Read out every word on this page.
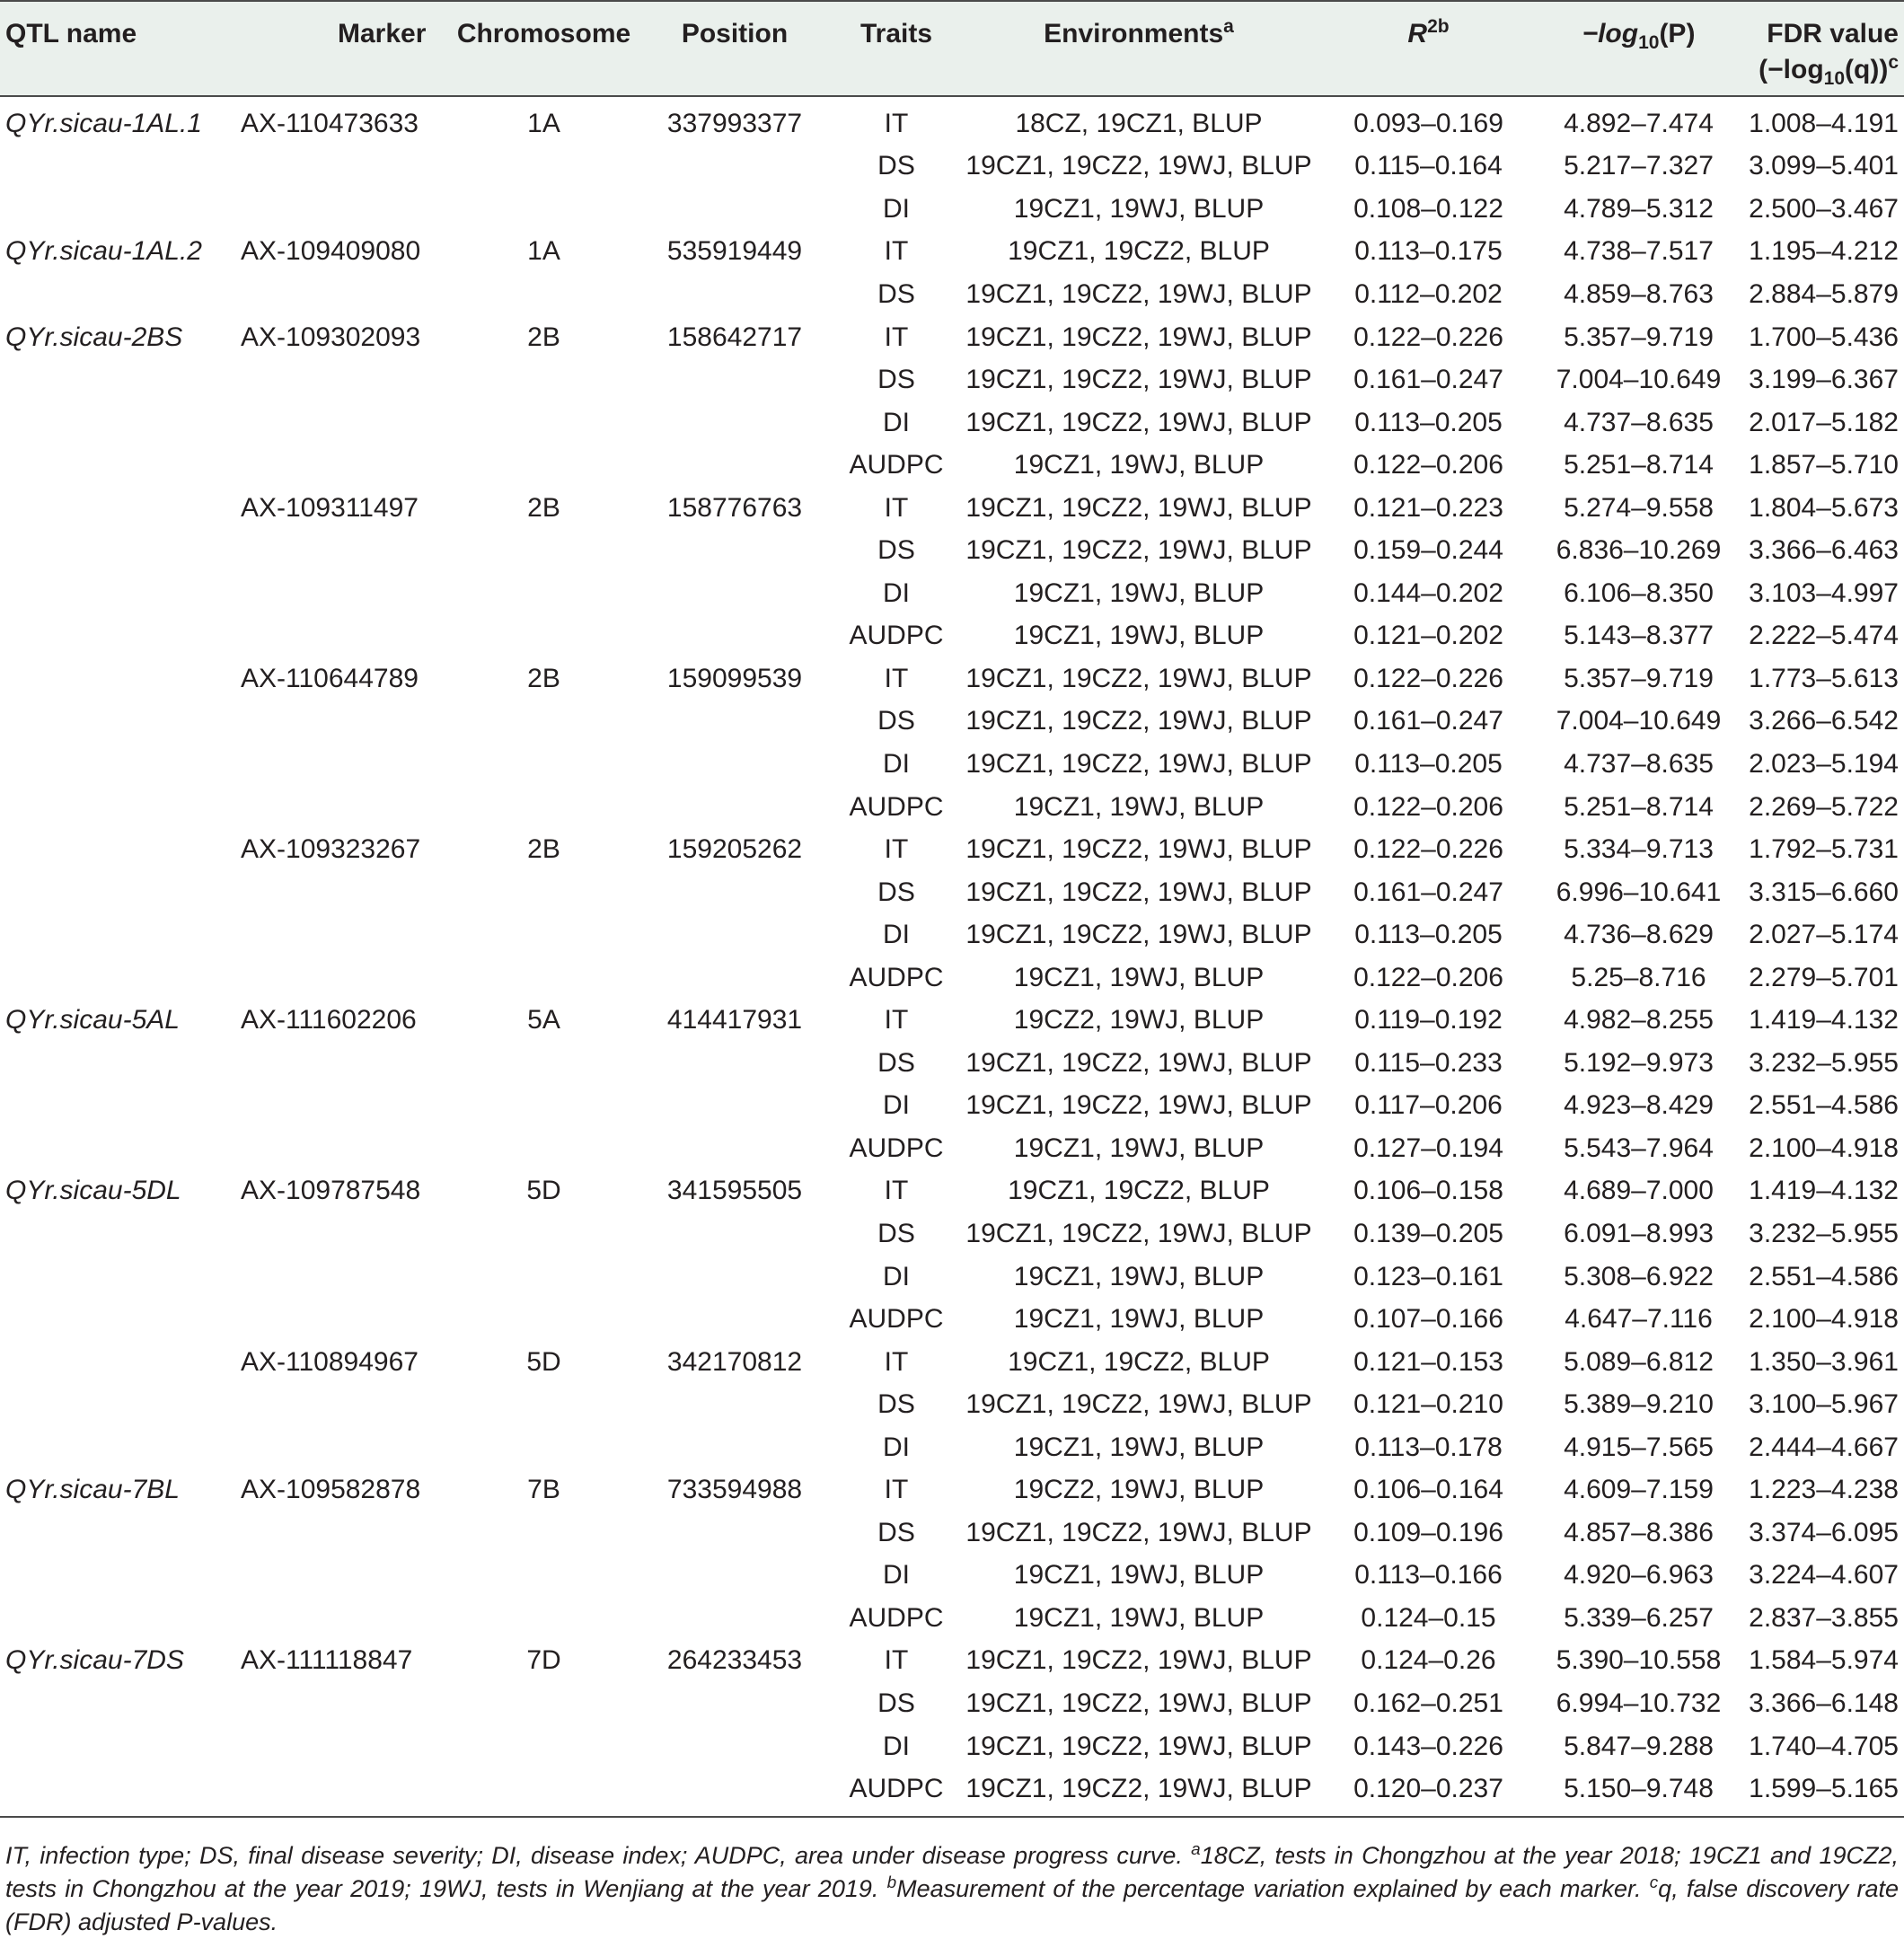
QTL name	Marker	Chromosome	Position	Traits	Environments$^a$	$R^{2b}$	$-\log_{10}(P)$	FDR value
$(-\log_{10}(q))^c$
QYr.sicau-1AL.1	AX-110473633	1A	337993377	IT	18CZ, 19CZ1, BLUP	0.093–0.169	4.892–7.474	1.008–4.191
				DS	19CZ1, 19CZ2, 19WJ, BLUP	0.115–0.164	5.217–7.327	3.099–5.401
				DI	19CZ1, 19WJ, BLUP	0.108–0.122	4.789–5.312	2.500–3.467
QYr.sicau-1AL.2	AX-109409080	1A	535919449	IT	19CZ1, 19CZ2, BLUP	0.113–0.175	4.738–7.517	1.195–4.212
				DS	19CZ1, 19CZ2, 19WJ, BLUP	0.112–0.202	4.859–8.763	2.884–5.879
QYr.sicau-2BS	AX-109302093	2B	158642717	IT	19CZ1, 19CZ2, 19WJ, BLUP	0.122–0.226	5.357–9.719	1.700–5.436
				DS	19CZ1, 19CZ2, 19WJ, BLUP	0.161–0.247	7.004–10.649	3.199–6.367
				DI	19CZ1, 19CZ2, 19WJ, BLUP	0.113–0.205	4.737–8.635	2.017–5.182
				AUDPC	19CZ1, 19WJ, BLUP	0.122–0.206	5.251–8.714	1.857–5.710
	AX-109311497	2B	158776763	IT	19CZ1, 19CZ2, 19WJ, BLUP	0.121–0.223	5.274–9.558	1.804–5.673
				DS	19CZ1, 19CZ2, 19WJ, BLUP	0.159–0.244	6.836–10.269	3.366–6.463
				DI	19CZ1, 19WJ, BLUP	0.144–0.202	6.106–8.350	3.103–4.997
				AUDPC	19CZ1, 19WJ, BLUP	0.121–0.202	5.143–8.377	2.222–5.474
	AX-110644789	2B	159099539	IT	19CZ1, 19CZ2, 19WJ, BLUP	0.122–0.226	5.357–9.719	1.773–5.613
				DS	19CZ1, 19CZ2, 19WJ, BLUP	0.161–0.247	7.004–10.649	3.266–6.542
				DI	19CZ1, 19CZ2, 19WJ, BLUP	0.113–0.205	4.737–8.635	2.023–5.194
				AUDPC	19CZ1, 19WJ, BLUP	0.122–0.206	5.251–8.714	2.269–5.722
	AX-109323267	2B	159205262	IT	19CZ1, 19CZ2, 19WJ, BLUP	0.122–0.226	5.334–9.713	1.792–5.731
				DS	19CZ1, 19CZ2, 19WJ, BLUP	0.161–0.247	6.996–10.641	3.315–6.660
				DI	19CZ1, 19CZ2, 19WJ, BLUP	0.113–0.205	4.736–8.629	2.027–5.174
				AUDPC	19CZ1, 19WJ, BLUP	0.122–0.206	5.25–8.716	2.279–5.701
QYr.sicau-5AL	AX-111602206	5A	414417931	IT	19CZ2, 19WJ, BLUP	0.119–0.192	4.982–8.255	1.419–4.132
				DS	19CZ1, 19CZ2, 19WJ, BLUP	0.115–0.233	5.192–9.973	3.232–5.955
				DI	19CZ1, 19CZ2, 19WJ, BLUP	0.117–0.206	4.923–8.429	2.551–4.586
				AUDPC	19CZ1, 19WJ, BLUP	0.127–0.194	5.543–7.964	2.100–4.918
QYr.sicau-5DL	AX-109787548	5D	341595505	IT	19CZ1, 19CZ2, BLUP	0.106–0.158	4.689–7.000	1.419–4.132
				DS	19CZ1, 19CZ2, 19WJ, BLUP	0.139–0.205	6.091–8.993	3.232–5.955
				DI	19CZ1, 19WJ, BLUP	0.123–0.161	5.308–6.922	2.551–4.586
				AUDPC	19CZ1, 19WJ, BLUP	0.107–0.166	4.647–7.116	2.100–4.918
	AX-110894967	5D	342170812	IT	19CZ1, 19CZ2, BLUP	0.121–0.153	5.089–6.812	1.350–3.961
				DS	19CZ1, 19CZ2, 19WJ, BLUP	0.121–0.210	5.389–9.210	3.100–5.967
				DI	19CZ1, 19WJ, BLUP	0.113–0.178	4.915–7.565	2.444–4.667
QYr.sicau-7BL	AX-109582878	7B	733594988	IT	19CZ2, 19WJ, BLUP	0.106–0.164	4.609–7.159	1.223–4.238
				DS	19CZ1, 19CZ2, 19WJ, BLUP	0.109–0.196	4.857–8.386	3.374–6.095
				DI	19CZ1, 19WJ, BLUP	0.113–0.166	4.920–6.963	3.224–4.607
				AUDPC	19CZ1, 19WJ, BLUP	0.124–0.15	5.339–6.257	2.837–3.855
QYr.sicau-7DS	AX-111118847	7D	264233453	IT	19CZ1, 19CZ2, 19WJ, BLUP	0.124–0.26	5.390–10.558	1.584–5.974
				DS	19CZ1, 19CZ2, 19WJ, BLUP	0.162–0.251	6.994–10.732	3.366–6.148
				DI	19CZ1, 19CZ2, 19WJ, BLUP	0.143–0.226	5.847–9.288	1.740–4.705
				AUDPC	19CZ1, 19CZ2, 19WJ, BLUP	0.120–0.237	5.150–9.748	1.599–5.165
IT, infection type; DS, final disease severity; DI, disease index; AUDPC, area under disease progress curve. $^a$18CZ, tests in Chongzhou at the year 2018; 19CZ1 and 19CZ2, tests in Chongzhou at the year 2019; 19WJ, tests in Wenjiang at the year 2019. $^b$Measurement of the percentage variation explained by each marker. $^c$q, false discovery rate (FDR) adjusted P-values.
